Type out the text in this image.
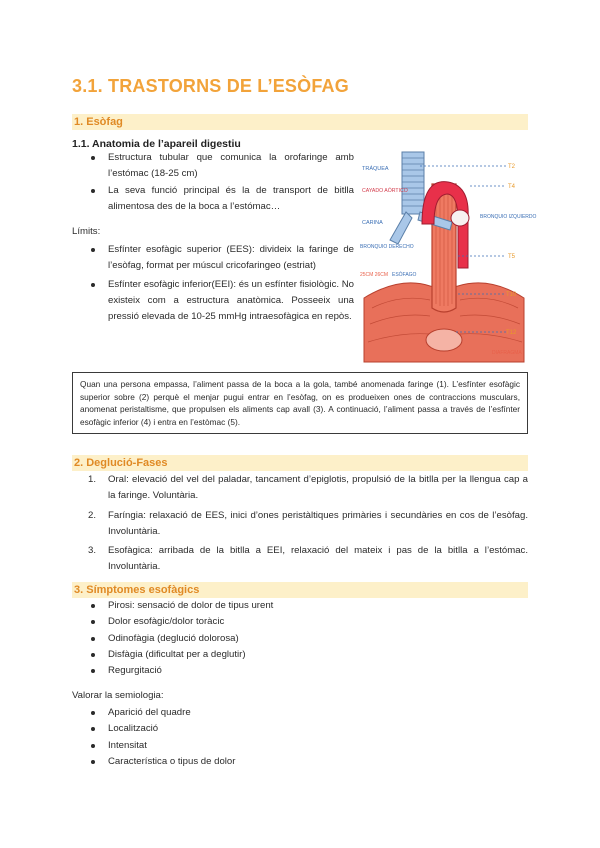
3.1. TRASTORNS DE L’ESÒFAG
1. Esòfag
1.1. Anatomia de l’apareil digestiu
Estructura tubular que comunica la orofaringe amb l’estómac (18-25 cm)
La seva funció principal és la de transport de bitlla alimentosa des de la boca a l’estómac…
Límits:
Esfínter esofàgic superior (EES): divideix la faringe de l’esòfag, format per múscul cricofaringeo (estriat)
Esfínter esofàgic inferior(EEI): és un esfínter fisiològic. No existeix com a estructura anatòmica. Posseeix una pressió elevada de 10-25 mmHg intraesofàgica en repòs.
TRÁQUEA
CAYADO AÓRTICO
CARINA
BRONQUIO DERECHO
BRONQUIO IZQUIERDO
25CM 26CM ESÓFAGO
DIAFRAGMA
T2
T4
T5
T10
T12
Quan una persona empassa, l’aliment passa de la boca a la gola, també anomenada faringe (1). L’esfínter esofàgic superior sobre (2) perquè el menjar pugui entrar en l’esòfag, on es produeixen ones de contraccions musculars, anomenat peristaltisme, que propulsen els aliments cap avall (3). A continuació, l’aliment passa a través de l’esfínter esofàgic inferior (4) i entra en l’estòmac (5).
2. Deglució-Fases
1. Oral: elevació del vel del paladar, tancament d’epiglotis, propulsió de la bitlla per la llengua cap a la faringe. Voluntària.
2. Faríngia: relaxació de EES, inici d’ones peristàltiques primàries i secundàries en cos de l’esòfag. Involuntària.
3. Esofàgica: arribada de la bitlla a EEI, relaxació del mateix i pas de la bitlla a l’estómac. Involuntària.
3. Símptomes esofàgics
Pirosi: sensació de dolor de tipus urent
Dolor esofàgic/dolor toràcic
Odinofàgia (deglució dolorosa)
Disfàgia (dificultat per a deglutir)
Regurgitació
Valorar la semiologia:
Aparició del quadre
Localització
Intensitat
Característica o tipus de dolor
